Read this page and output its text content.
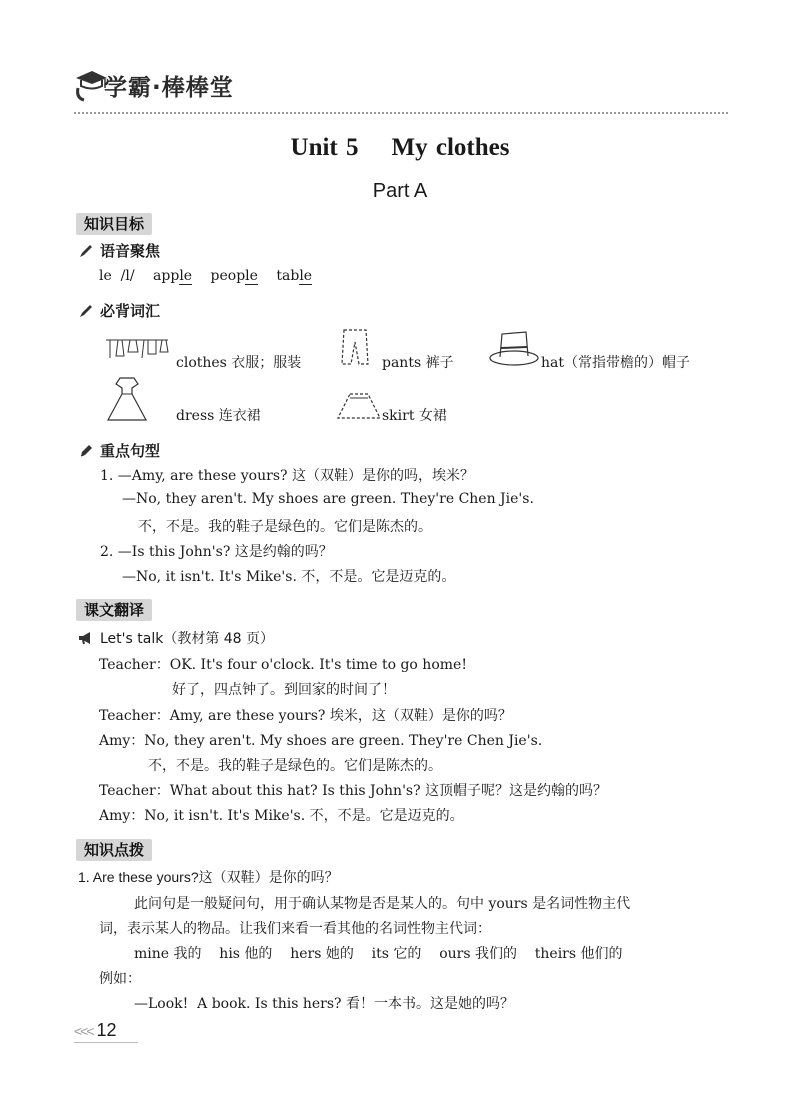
学霸·棒棒堂
Unit 5    My clothes
Part A
知识目标
语音聚焦
le  /l/ apple people table
必背词汇
clothes 衣服；服装	pants 裤子	hat（常指带檐的）帽子
dress 连衣裙	skirt 女裙
重点句型
1. —Amy, are these yours? 这（双鞋）是你的吗，埃米？
—No, they aren't. My shoes are green. They're Chen Jie's.
不，不是。我的鞋子是绿色的。它们是陈杰的。
2. —Is this John's? 这是约翰的吗？
—No, it isn't. It's Mike's. 不，不是。它是迈克的。
课文翻译
Let's talk（教材第 48 页）
Teacher：OK. It's four o'clock. It's time to go home!
好了，四点钟了。到回家的时间了！
Teacher：Amy, are these yours? 埃米，这（双鞋）是你的吗？
Amy：No, they aren't. My shoes are green. They're Chen Jie's.
不，不是。我的鞋子是绿色的。它们是陈杰的。
Teacher：What about this hat? Is this John's? 这顶帽子呢？这是约翰的吗？
Amy：No, it isn't. It's Mike's. 不，不是。它是迈克的。
知识点拨
1. Are these yours?这（双鞋）是你的吗？
此问句是一般疑问句，用于确认某物是否是某人的。句中 yours 是名词性物主代
词，表示某人的物品。让我们来看一看其他的名词性物主代词：
mine 我的    his 他的    hers 她的    its 它的    ours 我们的    theirs 他们的
例如：
—Look!  A book. Is this hers? 看！一本书。这是她的吗？
<<< 12
